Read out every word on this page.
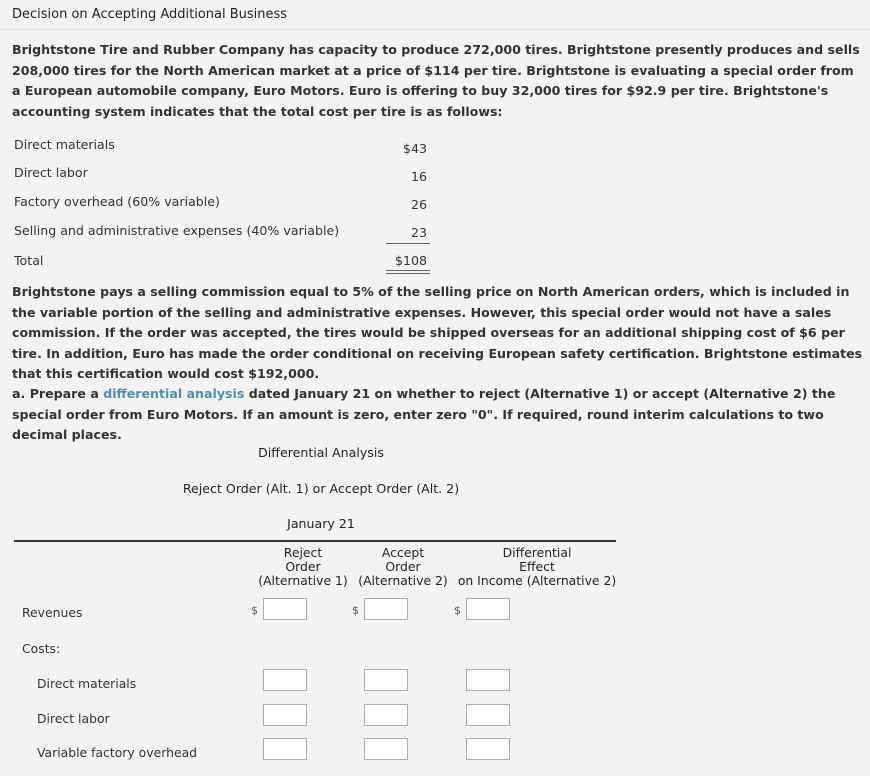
Decision on Accepting Additional Business
Brightstone Tire and Rubber Company has capacity to produce 272,000 tires. Brightstone presently produces and sells 208,000 tires for the North American market at a price of $114 per tire. Brightstone is evaluating a special order from a European automobile company, Euro Motors. Euro is offering to buy 32,000 tires for $92.9 per tire. Brightstone's accounting system indicates that the total cost per tire is as follows:
Direct materials	$43
Direct labor	16
Factory overhead (60% variable)	26
Selling and administrative expenses (40% variable)	23
Total	$108
Brightstone pays a selling commission equal to 5% of the selling price on North American orders, which is included in the variable portion of the selling and administrative expenses. However, this special order would not have a sales commission. If the order was accepted, the tires would be shipped overseas for an additional shipping cost of $6 per tire. In addition, Euro has made the order conditional on receiving European safety certification. Brightstone estimates that this certification would cost $192,000.
a. Prepare a differential analysis dated January 21 on whether to reject (Alternative 1) or accept (Alternative 2) the special order from Euro Motors. If an amount is zero, enter zero "0". If required, round interim calculations to two decimal places.
Differential Analysis
Reject Order (Alt. 1) or Accept Order (Alt. 2)
January 21
Reject
Order
(Alternative 1)
Accept
Order
(Alternative 2)
Differential
Effect
on Income (Alternative 2)
Revenues	$	$	$
Costs:
Direct materials
Direct labor
Variable factory overhead
